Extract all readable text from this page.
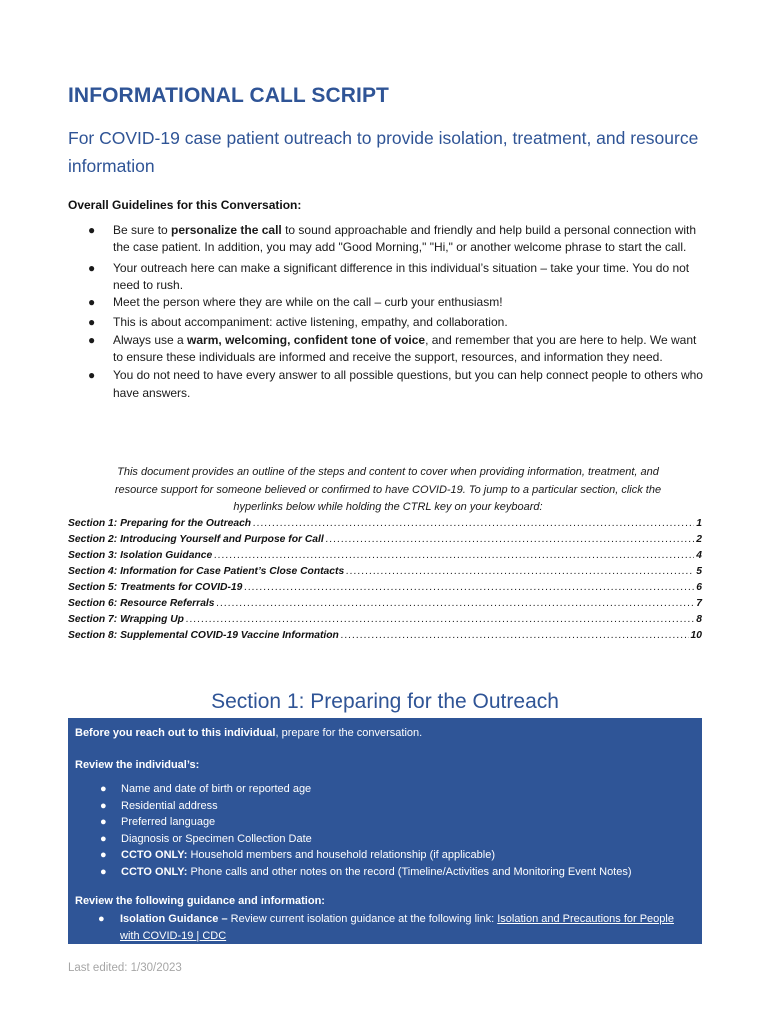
INFORMATIONAL CALL SCRIPT
For COVID-19 case patient outreach to provide isolation, treatment, and resource information

Overall Guidelines for this Conversation:

● Be sure to personalize the call to sound approachable and friendly and help build a personal connection with the case patient. In addition, you may add "Good Morning," "Hi," or another welcome phrase to start the call.
● Your outreach here can make a significant difference in this individual’s situation – take your time. You do not need to rush.
● Meet the person where they are while on the call – curb your enthusiasm!
● This is about accompaniment: active listening, empathy, and collaboration.
● Always use a warm, welcoming, confident tone of voice, and remember that you are here to help. We want to ensure these individuals are informed and receive the support, resources, and information they need.
● You do not need to have every answer to all possible questions, but you can help connect people to others who have answers.

This document provides an outline of the steps and content to cover when providing information, treatment, and resource support for someone believed or confirmed to have COVID-19. To jump to a particular section, click the hyperlinks below while holding the CTRL key on your keyboard:

Section 1: Preparing for the Outreach .....	1
Section 2: Introducing Yourself and Purpose for Call .....	2
Section 3: Isolation Guidance .....	4
Section 4: Information for Case Patient’s Close Contacts .....	5
Section 5: Treatments for COVID-19 .....	6
Section 6: Resource Referrals .....	7
Section 7: Wrapping Up .....	8
Section 8: Supplemental COVID-19 Vaccine Information .....	10
Section 1: Preparing for the Outreach

Before you reach out to this individual, prepare for the conversation.

Review the individual’s:

● Name and date of birth or reported age
● Residential address
● Preferred language
● Diagnosis or Specimen Collection Date
● CCTO ONLY: Household members and household relationship (if applicable)
● CCTO ONLY: Phone calls and other notes on the record (Timeline/Activities and Monitoring Event Notes)

Review the following guidance and information:

● Isolation Guidance – Review current isolation guidance at the following link: Isolation and Precautions for People with COVID-19 | CDC

Last edited: 1/30/2023
